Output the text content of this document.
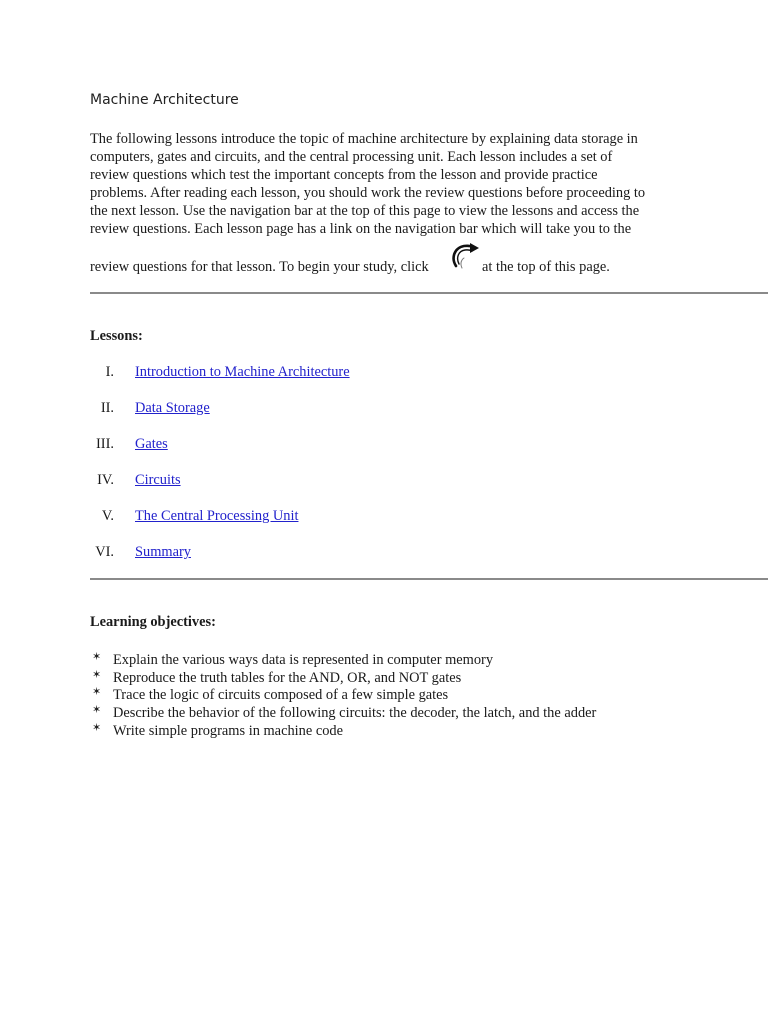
Machine Architecture
The following lessons introduce the topic of machine architecture by explaining data storage in
computers, gates and circuits, and the central processing unit. Each lesson includes a set of
review questions which test the important concepts from the lesson and provide practice
problems. After reading each lesson, you should work the review questions before proceeding to
the next lesson. Use the navigation bar at the top of this page to view the lessons and access the
review questions. Each lesson page has a link on the navigation bar which will take you to the
review questions for that lesson. To begin your study, click	at the top of this page.
Lessons:
I. Introduction to Machine Architecture
II. Data Storage
III. Gates
IV. Circuits
V. The Central Processing Unit
VI. Summary
Learning objectives:
✶ Explain the various ways data is represented in computer memory
✶ Reproduce the truth tables for the AND, OR, and NOT gates
✶ Trace the logic of circuits composed of a few simple gates
✶ Describe the behavior of the following circuits: the decoder, the latch, and the adder
✶ Write simple programs in machine code
